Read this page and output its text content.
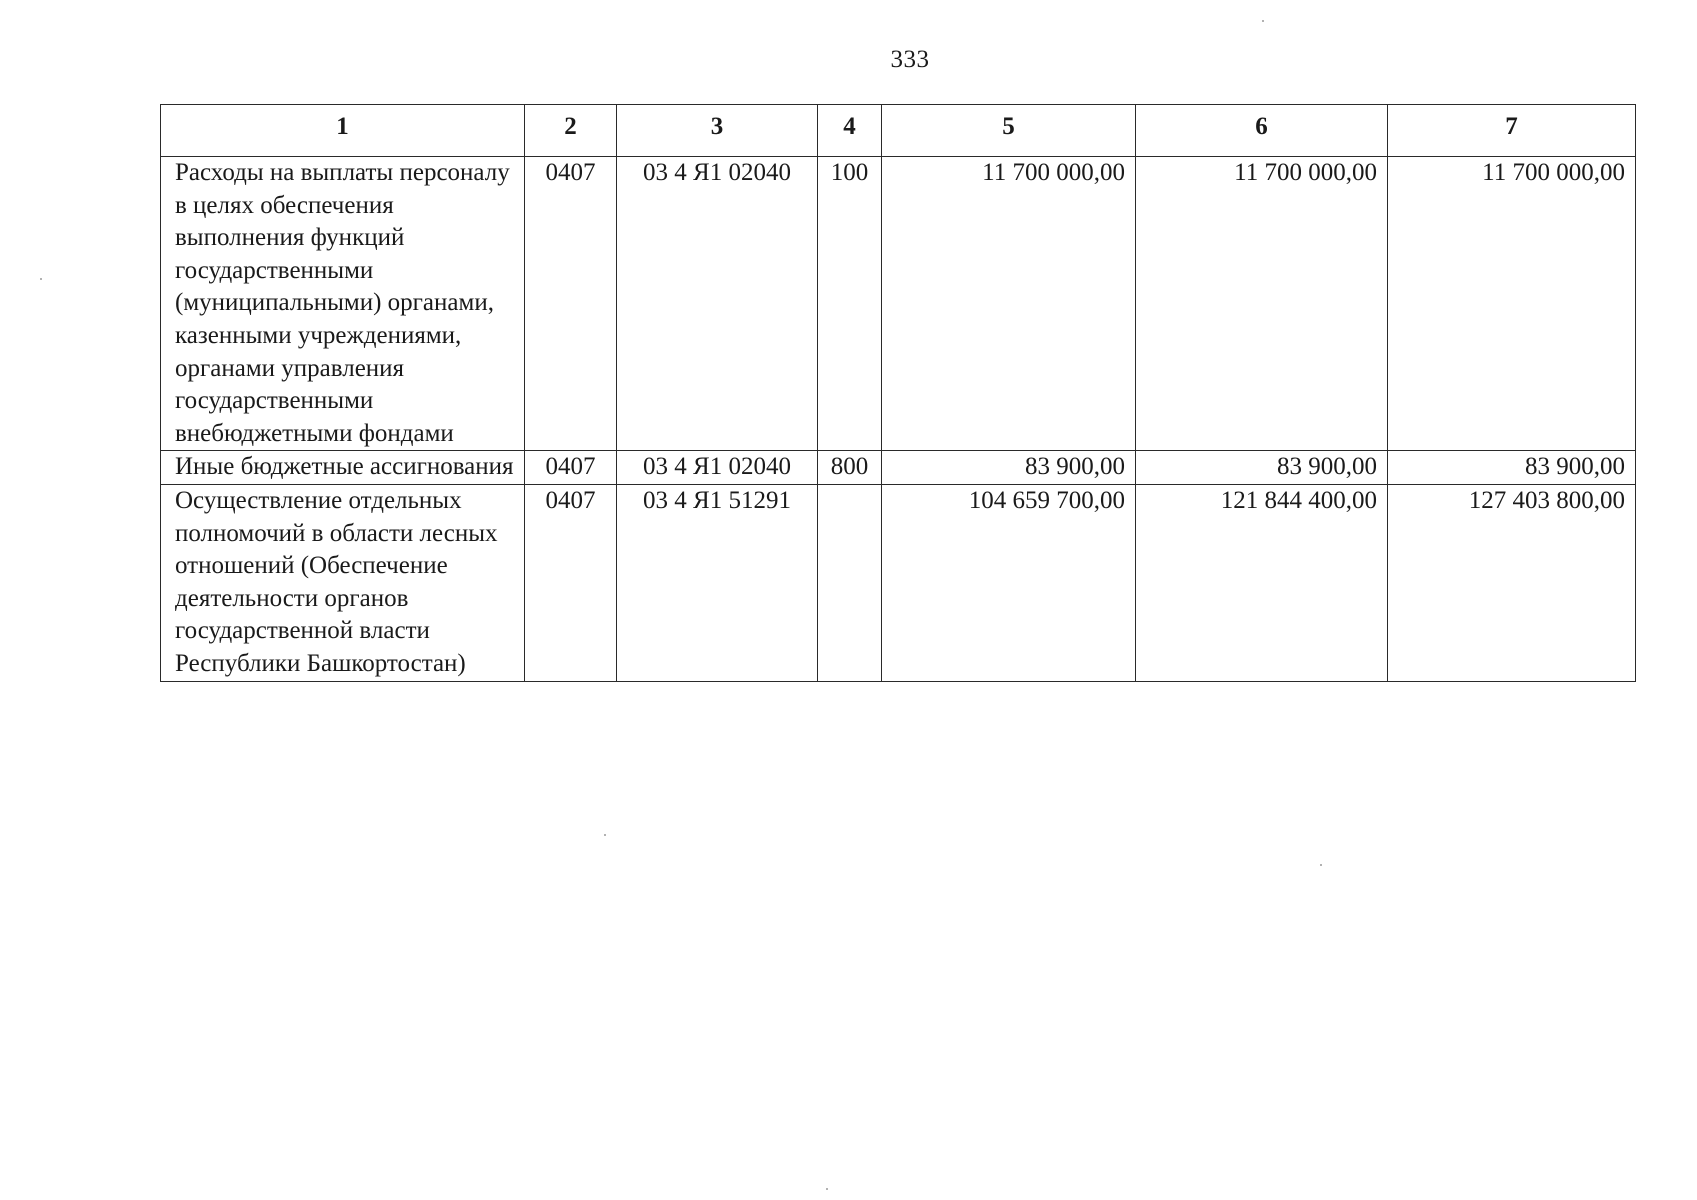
333
1	2	3	4	5	6	7
Расходы на выплаты персоналу в целях обеспечения выполнения функций государственными (муниципальными) органами, казенными учреждениями, органами управления государственными внебюджетными фондами	0407	03 4 Я1 02040	100	11 700 000,00	11 700 000,00	11 700 000,00
Иные бюджетные ассигнования	0407	03 4 Я1 02040	800	83 900,00	83 900,00	83 900,00
Осуществление отдельных полномочий в области лесных отношений (Обеспечение деятельности органов государственной власти Республики Башкортостан)	0407	03 4 Я1 51291		104 659 700,00	121 844 400,00	127 403 800,00
